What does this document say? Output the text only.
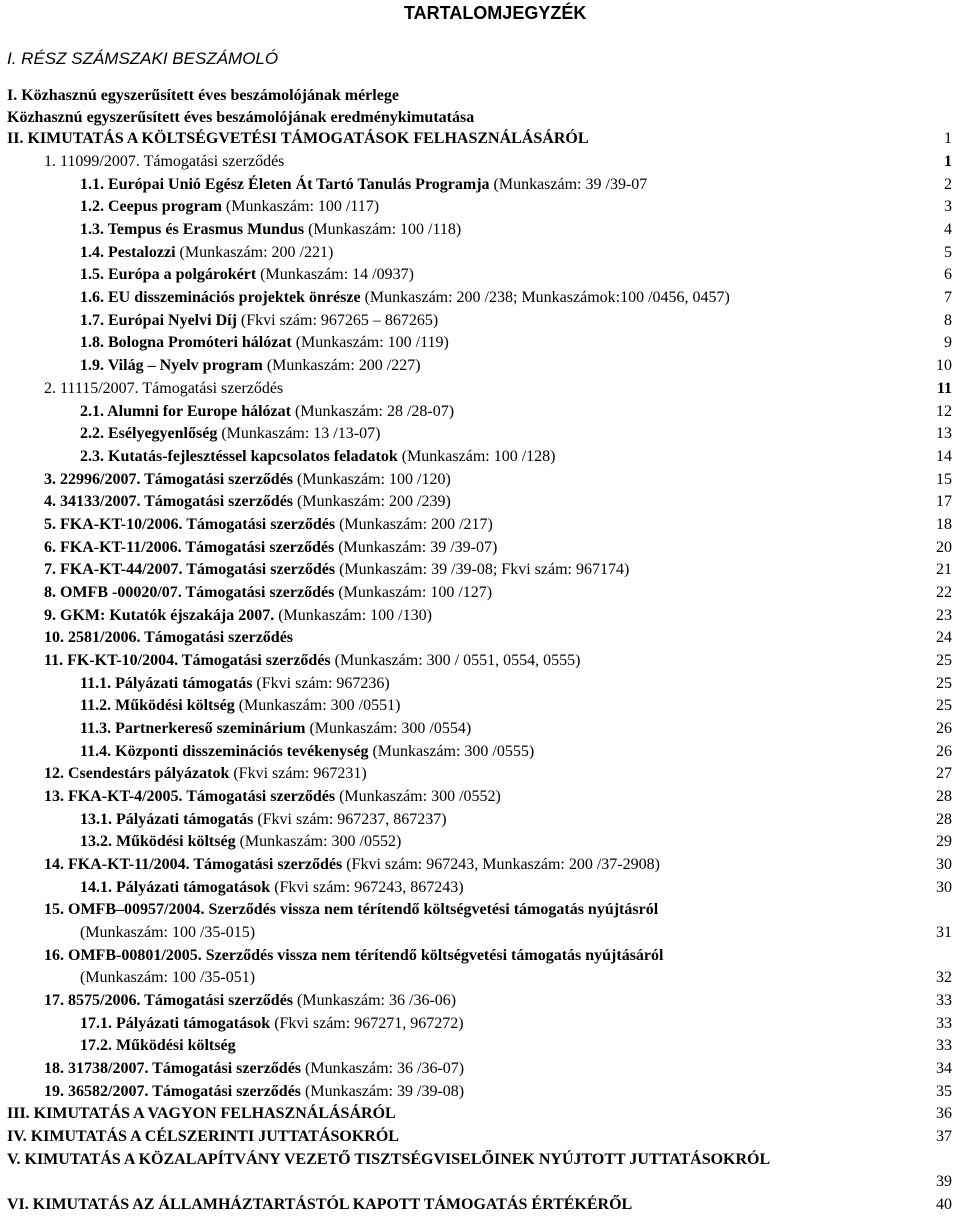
TARTALOMJEGYZÉK
I. RÉSZ SZÁMSZAKI BESZÁMOLÓ
I. Közhasznú egyszerűsített éves beszámolójának mérlege
Közhasznú egyszerűsített éves beszámolójának eredménykimutatása
II. KIMUTATÁS A KÖLTSÉGVETÉSI TÁMOGATÁSOK FELHASZNÁLÁSÁRÓL	1
1. 11099/2007. Támogatási szerződés	1
1.1. Európai Unió Egész Életen Át Tartó Tanulás Programja (Munkaszám: 39 /39-07	2
1.2. Ceepus program (Munkaszám: 100 /117)	3
1.3. Tempus és Erasmus Mundus (Munkaszám: 100 /118)	4
1.4. Pestalozzi (Munkaszám: 200 /221)	5
1.5. Európa a polgárokért (Munkaszám: 14 /0937)	6
1.6. EU disszeminációs projektek önrésze (Munkaszám: 200 /238; Munkaszámok:100 /0456, 0457)	7
1.7. Európai Nyelvi Díj (Fkvi szám: 967265 – 867265)	8
1.8. Bologna Promóteri hálózat (Munkaszám: 100 /119)	9
1.9. Világ – Nyelv program (Munkaszám: 200 /227)	10
2. 11115/2007. Támogatási szerződés	11
2.1. Alumni for Europe hálózat (Munkaszám: 28 /28-07)	12
2.2. Esélyegyenlőség (Munkaszám: 13 /13-07)	13
2.3. Kutatás-fejlesztéssel kapcsolatos feladatok (Munkaszám: 100 /128)	14
3. 22996/2007. Támogatási szerződés (Munkaszám: 100 /120)	15
4. 34133/2007. Támogatási szerződés (Munkaszám: 200 /239)	17
5. FKA-KT-10/2006. Támogatási szerződés (Munkaszám: 200 /217)	18
6. FKA-KT-11/2006. Támogatási szerződés (Munkaszám: 39 /39-07)	20
7. FKA-KT-44/2007. Támogatási szerződés (Munkaszám: 39 /39-08; Fkvi szám: 967174)	21
8. OMFB -00020/07. Támogatási szerződés (Munkaszám: 100 /127)	22
9. GKM: Kutatók éjszakája 2007. (Munkaszám: 100 /130)	23
10. 2581/2006. Támogatási szerződés	24
11. FK-KT-10/2004. Támogatási szerződés (Munkaszám: 300 / 0551, 0554, 0555)	25
11.1. Pályázati támogatás (Fkvi szám: 967236)	25
11.2. Működési költség (Munkaszám: 300 /0551)	25
11.3. Partnerkereső szeminárium (Munkaszám: 300 /0554)	26
11.4. Központi disszeminációs tevékenység (Munkaszám: 300 /0555)	26
12. Csendestárs pályázatok (Fkvi szám: 967231)	27
13. FKA-KT-4/2005. Támogatási szerződés (Munkaszám: 300 /0552)	28
13.1. Pályázati támogatás (Fkvi szám: 967237, 867237)	28
13.2. Működési költség (Munkaszám: 300 /0552)	29
14. FKA-KT-11/2004. Támogatási szerződés (Fkvi szám: 967243, Munkaszám: 200 /37-2908)	30
14.1. Pályázati támogatások (Fkvi szám: 967243, 867243)	30
15. OMFB–00957/2004. Szerződés vissza nem térítendő költségvetési támogatás nyújtásról
(Munkaszám: 100 /35-015)	31
16. OMFB-00801/2005. Szerződés vissza nem térítendő költségvetési támogatás nyújtásáról
(Munkaszám: 100 /35-051)	32
17. 8575/2006. Támogatási szerződés (Munkaszám: 36 /36-06)	33
17.1. Pályázati támogatások (Fkvi szám: 967271, 967272)	33
17.2. Működési költség	33
18. 31738/2007. Támogatási szerződés (Munkaszám: 36 /36-07)	34
19. 36582/2007. Támogatási szerződés (Munkaszám: 39 /39-08)	35
III. KIMUTATÁS A VAGYON FELHASZNÁLÁSÁRÓL	36
IV. KIMUTATÁS A CÉLSZERINTI JUTTATÁSOKRÓL	37
V. KIMUTATÁS A KÖZALAPÍTVÁNY VEZETŐ TISZTSÉGVISELŐINEK NYÚJTOTT JUTTATÁSOKRÓL
39
VI. KIMUTATÁS AZ ÁLLAMHÁZTARTÁSTÓL KAPOTT TÁMOGATÁS ÉRTÉKÉRŐL	40
